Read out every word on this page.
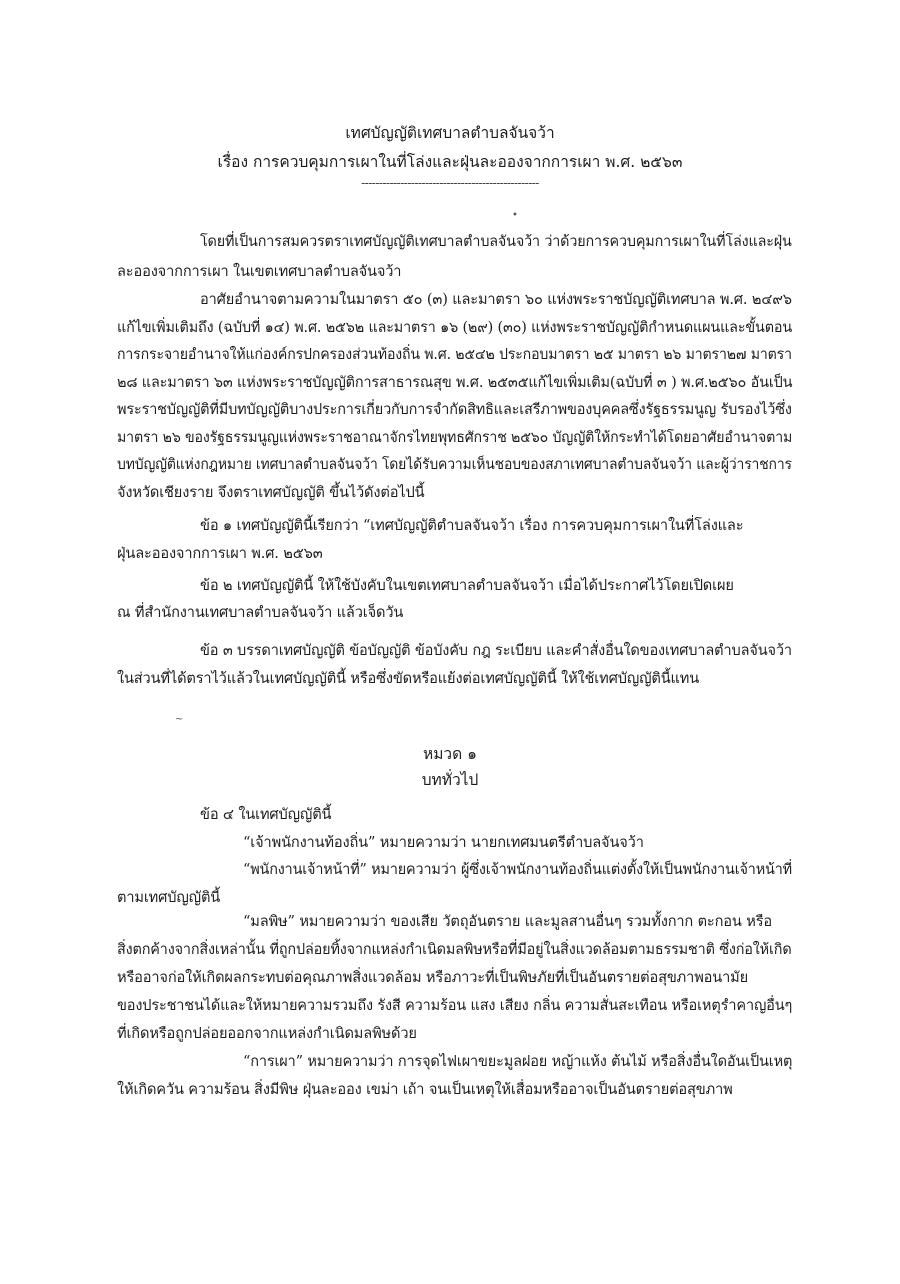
เทศบัญญัติเทศบาลตำบลจันจว้า
เรื่อง การควบคุมการเผาในที่โล่งและฝุ่นละอองจากการเผา พ.ศ. ๒๕๖๓
--------------------------------------------------
•
โดยที่เป็นการสมควรตราเทศบัญญัติเทศบาลตำบลจันจว้า ว่าด้วยการควบคุมการเผาในที่โล่งและฝุ่น
ละอองจากการเผา ในเขตเทศบาลตำบลจันจว้า
อาศัยอำนาจตามความในมาตรา ๕๐ (๓) และมาตรา ๖๐ แห่งพระราชบัญญัติเทศบาล พ.ศ. ๒๔๙๖
แก้ไขเพิ่มเติมถึง (ฉบับที่ ๑๔) พ.ศ. ๒๕๖๒ และมาตรา ๑๖ (๒๙) (๓๐) แห่งพระราชบัญญัติกำหนดแผนและขั้นตอน
การกระจายอำนาจให้แก่องค์กรปกครองส่วนท้องถิ่น พ.ศ. ๒๕๔๒ ประกอบมาตรา ๒๕ มาตรา ๒๖ มาตรา๒๗ มาตรา
๒๘ และมาตรา ๖๓ แห่งพระราชบัญญัติการสาธารณสุข พ.ศ. ๒๕๓๕แก้ไขเพิ่มเติม(ฉบับที่ ๓ ) พ.ศ.๒๕๖๐ อันเป็น
พระราชบัญญัติที่มีบทบัญญัติบางประการเกี่ยวกับการจำกัดสิทธิและเสรีภาพของบุคคลซึ่งรัฐธรรมนูญ รับรองไว้ซึ่ง
มาตรา ๒๖ ของรัฐธรรมนูญแห่งพระราชอาณาจักรไทยพุทธศักราช ๒๕๖๐ บัญญัติให้กระทำได้โดยอาศัยอำนาจตาม
บทบัญญัติแห่งกฎหมาย เทศบาลตำบลจันจว้า โดยได้รับความเห็นชอบของสภาเทศบาลตำบลจันจว้า และผู้ว่าราชการ
จังหวัดเชียงราย จึงตราเทศบัญญัติ ขึ้นไว้ดังต่อไปนี้
ข้อ ๑ เทศบัญญัตินี้เรียกว่า “เทศบัญญัติตำบลจันจว้า เรื่อง การควบคุมการเผาในที่โล่งและ
ฝุ่นละอองจากการเผา พ.ศ. ๒๕๖๓
ข้อ ๒ เทศบัญญัตินี้ ให้ใช้บังคับในเขตเทศบาลตำบลจันจว้า เมื่อได้ประกาศไว้โดยเปิดเผย
ณ ที่สำนักงานเทศบาลตำบลจันจว้า แล้วเจ็ดวัน
ข้อ ๓ บรรดาเทศบัญญัติ ข้อบัญญัติ ข้อบังคับ กฎ ระเบียบ และคำสั่งอื่นใดของเทศบาลตำบลจันจว้า
ในส่วนที่ได้ตราไว้แล้วในเทศบัญญัตินี้ หรือซึ่งขัดหรือแย้งต่อเทศบัญญัตินี้ ให้ใช้เทศบัญญัตินี้แทน
~
หมวด ๑
บททั่วไป
ข้อ ๔ ในเทศบัญญัตินี้
“เจ้าพนักงานท้องถิ่น” หมายความว่า นายกเทศมนตรีตำบลจันจว้า
“พนักงานเจ้าหน้าที่” หมายความว่า ผู้ซึ่งเจ้าพนักงานท้องถิ่นแต่งตั้งให้เป็นพนักงานเจ้าหน้าที่
ตามเทศบัญญัตินี้
“มลพิษ” หมายความว่า ของเสีย วัตถุอันตราย และมูลสานอื่นๆ รวมทั้งกาก ตะกอน หรือ
สิ่งตกค้างจากสิ่งเหล่านั้น ที่ถูกปล่อยทิ้งจากแหล่งกำเนิดมลพิษหรือที่มีอยู่ในสิ่งแวดล้อมตามธรรมชาติ ซึ่งก่อให้เกิด
หรืออาจก่อให้เกิดผลกระทบต่อคุณภาพสิ่งแวดล้อม หรือภาวะที่เป็นพิษภัยที่เป็นอันตรายต่อสุขภาพอนามัย
ของประชาชนได้และให้หมายความรวมถึง รังสี ความร้อน แสง เสียง กลิ่น ความสั่นสะเทือน หรือเหตุรำคาญอื่นๆ
ที่เกิดหรือถูกปล่อยออกจากแหล่งกำเนิดมลพิษด้วย
“การเผา” หมายความว่า การจุดไฟเผาขยะมูลฝอย หญ้าแห้ง ต้นไม้ หรือสิ่งอื่นใดอันเป็นเหตุ
ให้เกิดควัน ความร้อน สิ่งมีพิษ ฝุ่นละออง เขม่า เถ้า จนเป็นเหตุให้เสื่อมหรืออาจเป็นอันตรายต่อสุขภาพ
